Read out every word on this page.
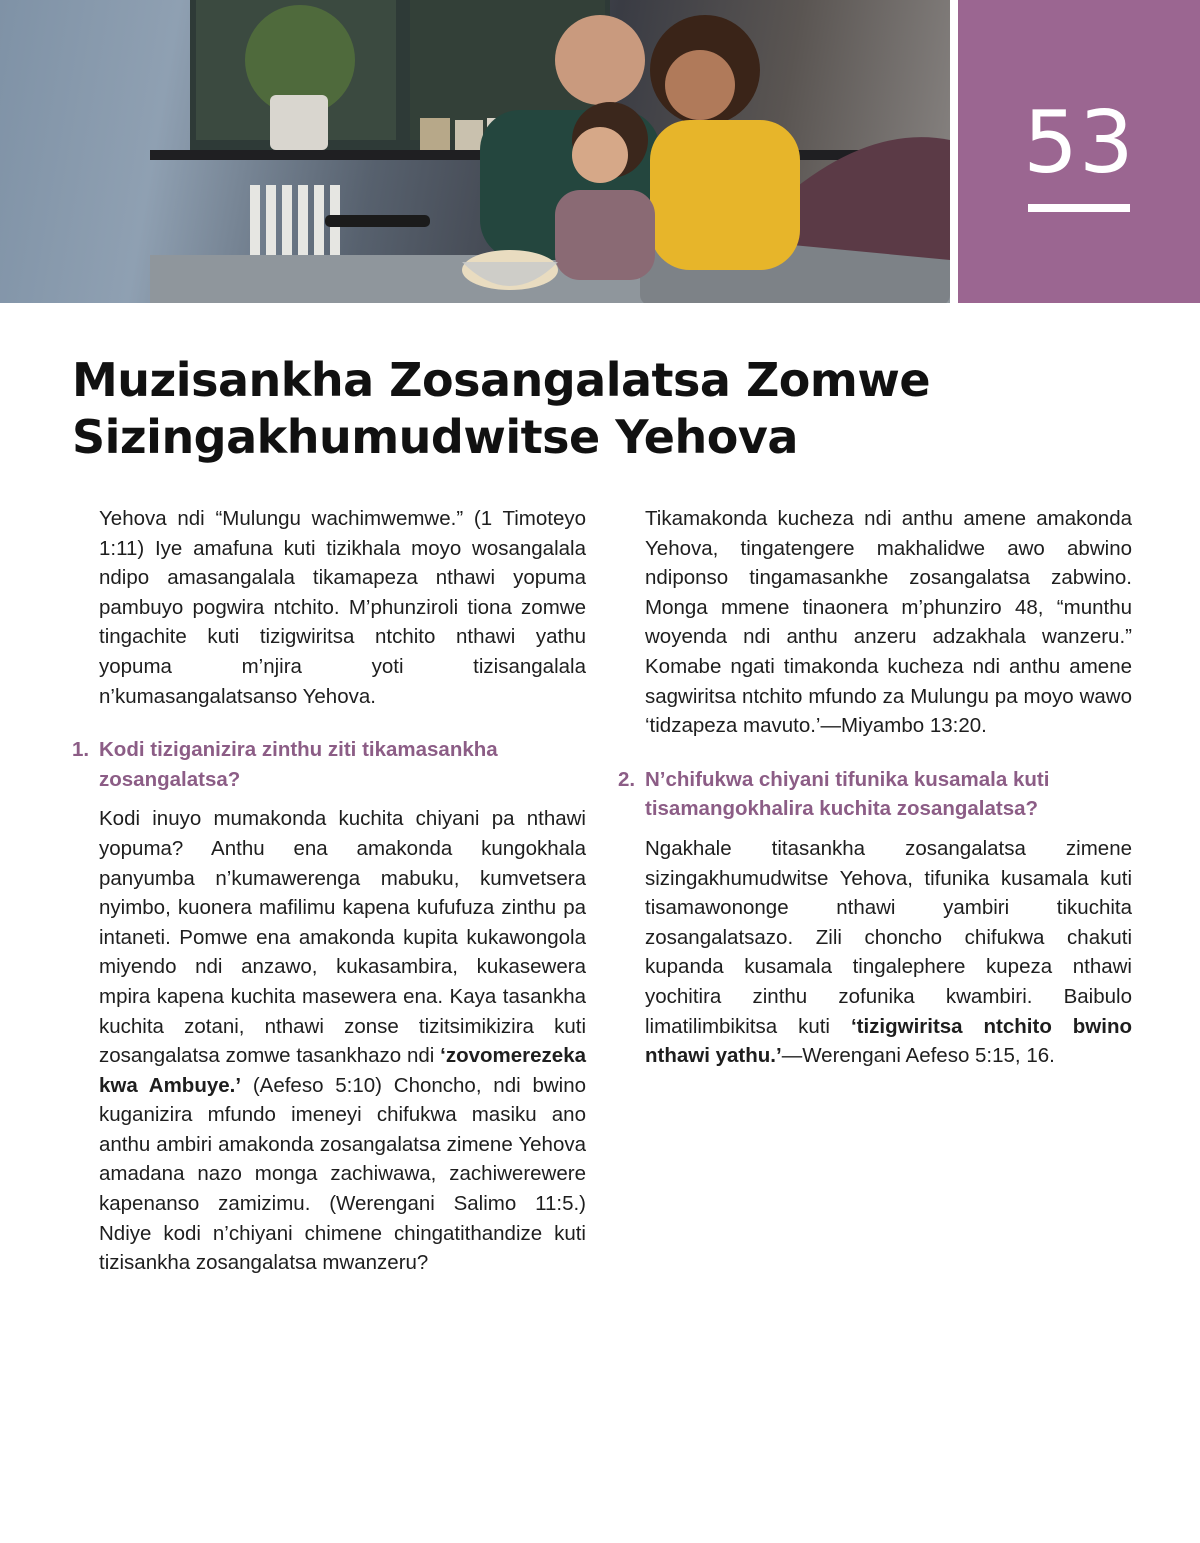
53
Muzisankha Zosangalatsa Zomwe
Sizingakhumudwitse Yehova

Yehova ndi “Mulungu wachimwemwe.” (1 Timoteyo 1:11) Iye amafuna kuti tizikhala moyo wosangalala ndipo amasangalala tikamapeza nthawi yopuma pambuyo pogwira ntchito. M’phunziroli tiona zomwe tingachite kuti tizigwiritsa ntchito nthawi yathu yopuma m’njira yoti tizisangalala n’kumasangalatsanso Yehova.

1. Kodi tiziganizira zinthu ziti tikamasankha zosangalatsa?

Kodi inuyo mumakonda kuchita chiyani pa nthawi yopuma? Anthu ena amakonda kungokhala panyumba n’kumawerenga mabuku, kumvetsera nyimbo, kuonera mafilimu kapena kufufuza zinthu pa intaneti. Pomwe ena amakonda kupita kukawongola miyendo ndi anzawo, kukasambira, kukasewera mpira kapena kuchita masewera ena. Kaya tasankha kuchita zotani, nthawi zonse tizitsimikizira kuti zosangalatsa zomwe tasankhazo ndi ‘zovomerezeka kwa Ambuye.’ (Aefeso 5:10) Choncho, ndi bwino kuganizira mfundo imeneyi chifukwa masiku ano anthu ambiri amakonda zosangalatsa zimene Yehova amadana nazo monga zachiwawa, zachiwerewere kapenanso zamizimu. (Werengani Salimo 11:5.) Ndiye kodi n’chiyani chimene chingatithandize kuti tizisankha zosangalatsa mwanzeru?

Tikamakonda kucheza ndi anthu amene amakonda Yehova, tingatengere makhalidwe awo abwino ndiponso tingamasankhe zosangalatsa zabwino. Monga mmene tinaonera m’phunziro 48, “munthu woyenda ndi anthu anzeru adzakhala wanzeru.” Komabe ngati timakonda kucheza ndi anthu amene sagwiritsa ntchito mfundo za Mulungu pa moyo wawo ‘tidzapeza mavuto.’—Miyambo 13:20.

2. N’chifukwa chiyani tifunika kusamala kuti tisamangokhalira kuchita zosangalatsa?

Ngakhale titasankha zosangalatsa zimene sizingakhumudwitse Yehova, tifunika kusamala kuti tisamawononge nthawi yambiri tikuchita zosangalatsazo. Zili choncho chifukwa chakuti kupanda kusamala tingalephere kupeza nthawi yochitira zinthu zofunika kwambiri. Baibulo limatilimbikitsa kuti ‘tizigwiritsa ntchito bwino nthawi yathu.’—Werengani Aefeso 5:15, 16.
